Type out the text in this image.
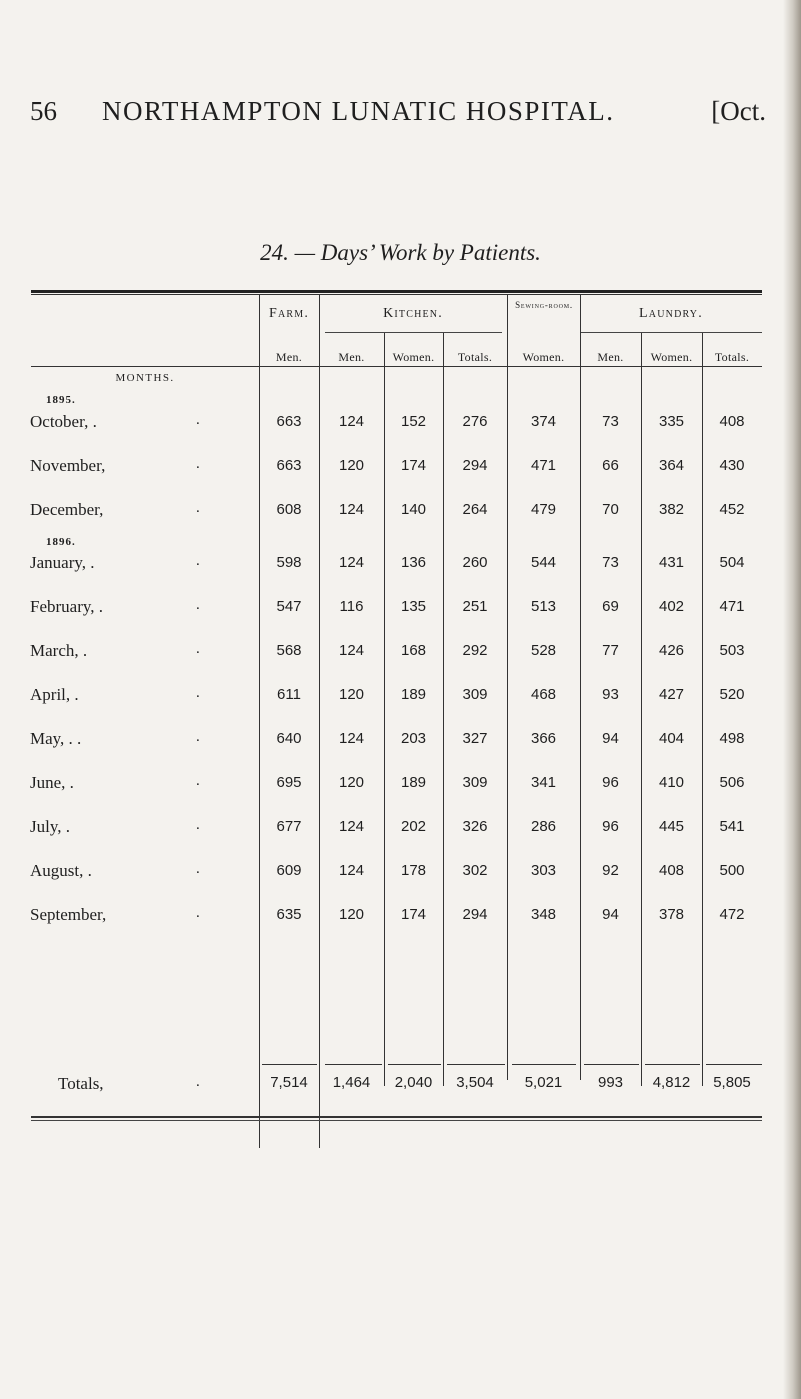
56 NORTHAMPTON LUNATIC HOSPITAL.	[Oct.
24. — Days’ Work by Patients.
MONTHS.
Farm.	Kitchen.
Sewing-room.
Laundry.
Men.	Men.	Women.	Totals.	Women.	Men.	Women.	Totals.
1895.
1896.
October, .	.	663	124	152	276	374	73	335	408
November,	.	663	120	174	294	471	66	364	430
December,	.	608	124	140	264	479	70	382	452
January, .	.	598	124	136	260	544	73	431	504
February, .	.	547	116	135	251	513	69	402	471
March, .	.	568	124	168	292	528	77	426	503
April, .	.	611	120	189	309	468	93	427	520
May, . .	.	640	124	203	327	366	94	404	498
June, .	.	695	120	189	309	341	96	410	506
July, .	.	677	124	202	326	286	96	445	541
August, .	.	609	124	178	302	303	92	408	500
September,	.	635	120	174	294	348	94	378	472
Totals,	.	7,514	1,464	2,040	3,504	5,021	993	4,812	5,805
